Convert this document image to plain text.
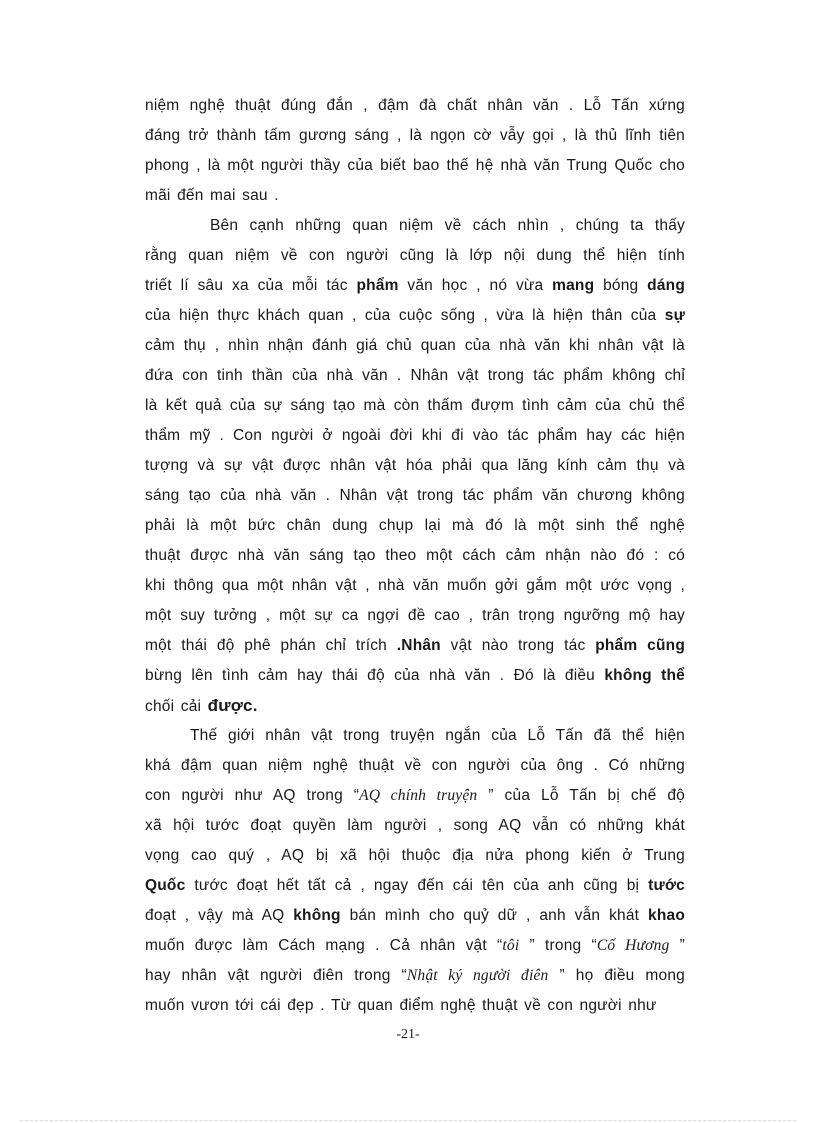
niệm nghệ thuật đúng đắn , đậm đà chất nhân văn . Lỗ Tấn xứng
đáng trở thành tấm gương sáng , là ngọn cờ vẫy gọi , là thủ lĩnh tiên
phong , là một người thầy của biết bao thế hệ nhà văn Trung Quốc cho
mãi đến mai sau .
Bên cạnh những quan niệm về cách nhìn , chúng ta thấy
rằng quan niệm về con người cũng là lớp nội dung thể hiện tính
triết lí sâu xa của mỗi tác phẩm văn học , nó vừa mang bóng dáng
của hiện thực khách quan , của cuộc sống , vừa là hiện thân của sự
cảm thụ , nhìn nhận đánh giá chủ quan của nhà văn khi nhân vật là
đứa con tinh thần của nhà văn . Nhân vật trong tác phẩm không chỉ
là kết quả của sự sáng tạo mà còn thấm đượm tình cảm của chủ thể
thẩm mỹ . Con người ở ngoài đời khi đi vào tác phẩm hay các hiện
tượng và sự vật được nhân vật hóa phải qua lăng kính cảm thụ và
sáng tạo của nhà văn . Nhân vật trong tác phẩm văn chương không
phải là một bức chân dung chụp lại mà đó là một sinh thể nghệ
thuật được nhà văn sáng tạo theo một cách cảm nhận nào đó : có
khi thông qua một nhân vật , nhà văn muốn gởi gắm một ước vọng ,
một suy tưởng , một sự ca ngợi đề cao , trân trọng ngưỡng mộ hay
một thái độ phê phán chỉ trích .Nhân vật nào trong tác phẩm cũng
bừng lên tình cảm hay thái độ của nhà văn . Đó là điều không thể
chối cải được.
Thế giới nhân vật trong truyện ngắn của Lỗ Tấn đã thể hiện
khá đậm quan niệm nghệ thuật về con người của ông . Có những
con người như AQ trong “AQ chính truyện ” của Lỗ Tấn bị chế độ
xã hội tước đoạt quyền làm người , song AQ vẫn có những khát
vọng cao quý , AQ bị xã hội thuộc địa nửa phong kiến ở Trung
Quốc tước đoạt hết tất cả , ngay đến cái tên của anh cũng bị tước
đoạt , vậy mà AQ không bán mình cho quỷ dữ , anh vẫn khát khao
muốn được làm Cách mạng . Cả nhân vật “tôi ” trong “Cố Hương ”
hay nhân vật người điên trong “Nhật ký người điên ” họ điều mong
muốn vươn tới cái đẹp . Từ quan điểm nghệ thuật về con người như
-21-
